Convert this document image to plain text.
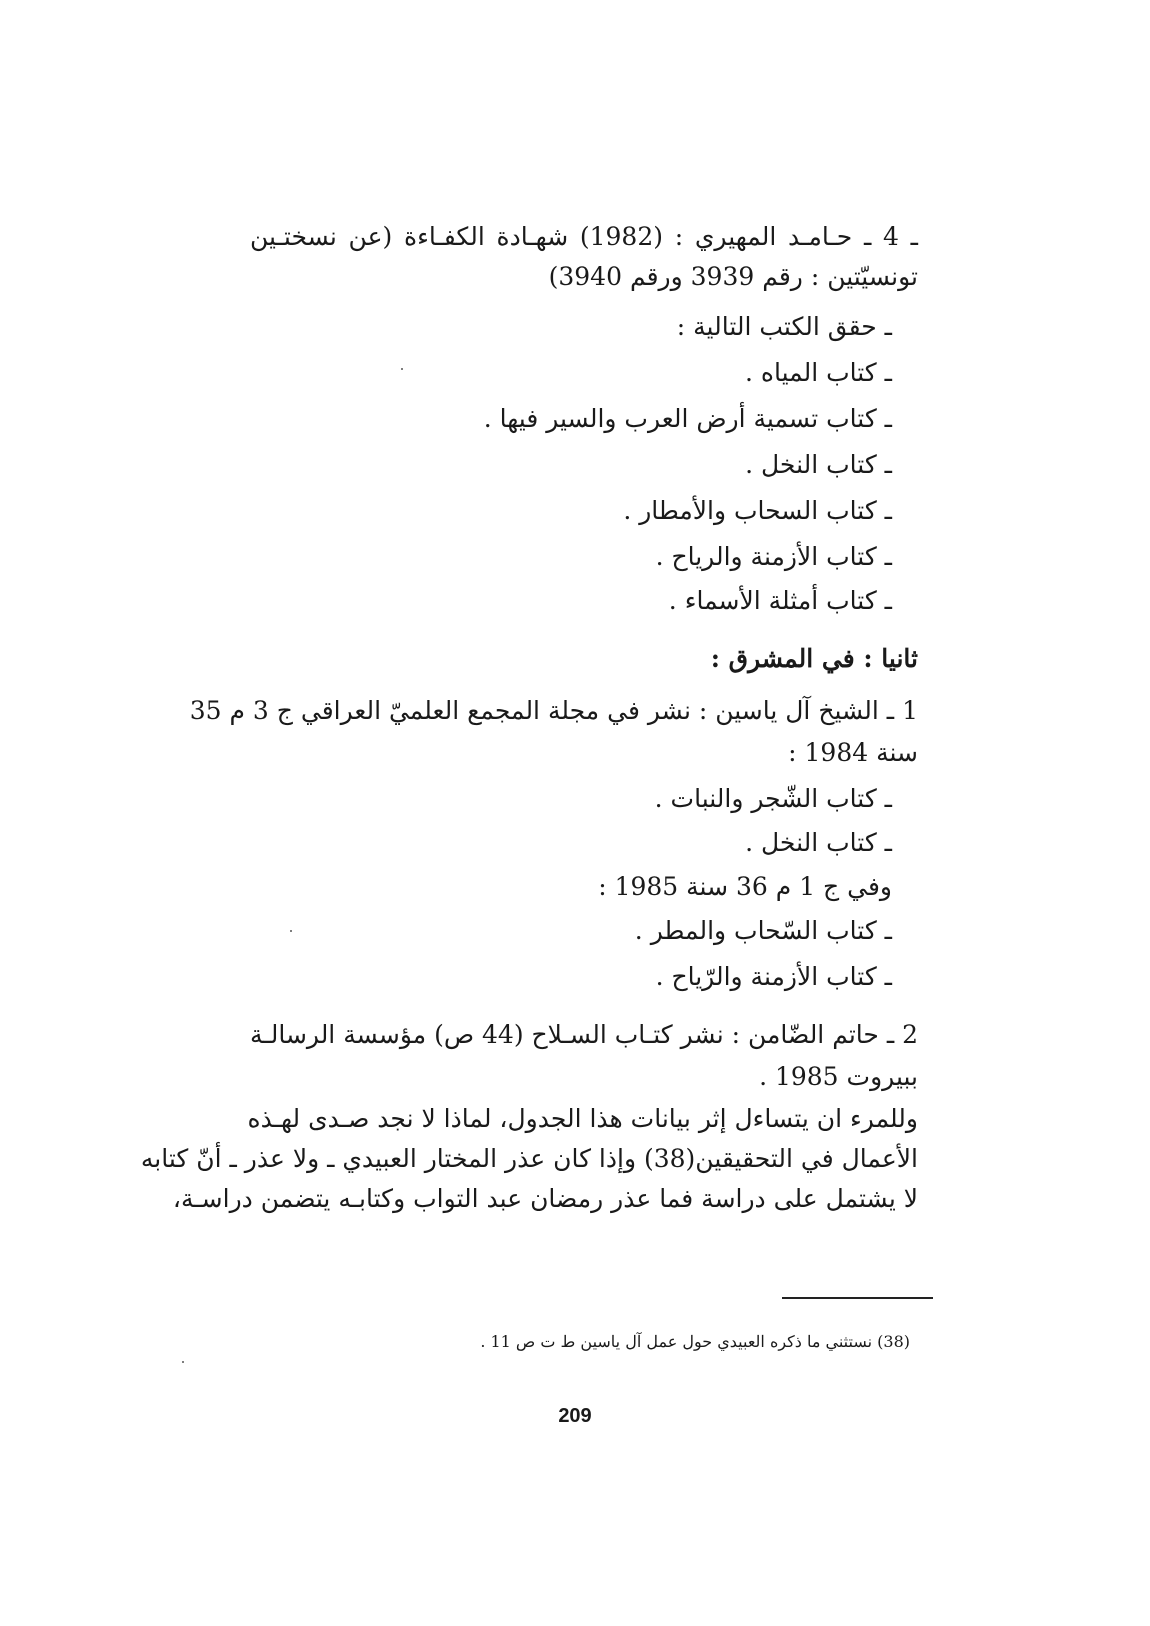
ـ 4 ـ حـامـد المهيري : (1982) شهـادة الكفـاءة (عن نسختـين
تونسيّتين : رقم 3939 ورقم 3940)
ـ حقق الكتب التالية :
ـ كتاب المياه .
ـ كتاب تسمية أرض العرب والسير فيها .
ـ كتاب النخل .
ـ كتاب السحاب والأمطار .
ـ كتاب الأزمنة والرياح .
ـ كتاب أمثلة الأسماء .
ثانيا : في المشرق :
1 ـ الشيخ آل ياسين : نشر في مجلة المجمع العلميّ العراقي ج 3 م 35
سنة 1984 :
ـ كتاب الشّجر والنبات .
ـ كتاب النخل .
وفي ج 1 م 36 سنة 1985 :
ـ كتاب السّحاب والمطر .
ـ كتاب الأزمنة والرّياح .
2 ـ حاتم الضّامن : نشر كتـاب السـلاح (44 ص) مؤسسة الرسالـة
ببيروت 1985 .
وللمرء ان يتساءل إثر بيانات هذا الجدول، لماذا لا نجد صـدى لهـذه
الأعمال في التحقيقين(38) وإذا كان عذر المختار العبيدي ـ ولا عذر ـ أنّ كتابه
لا يشتمل على دراسة فما عذر رمضان عبد التواب وكتابـه يتضمن دراسـة،
(38) نستثني ما ذكره العبيدي حول عمل آل ياسين ط ت ص 11 .
209
